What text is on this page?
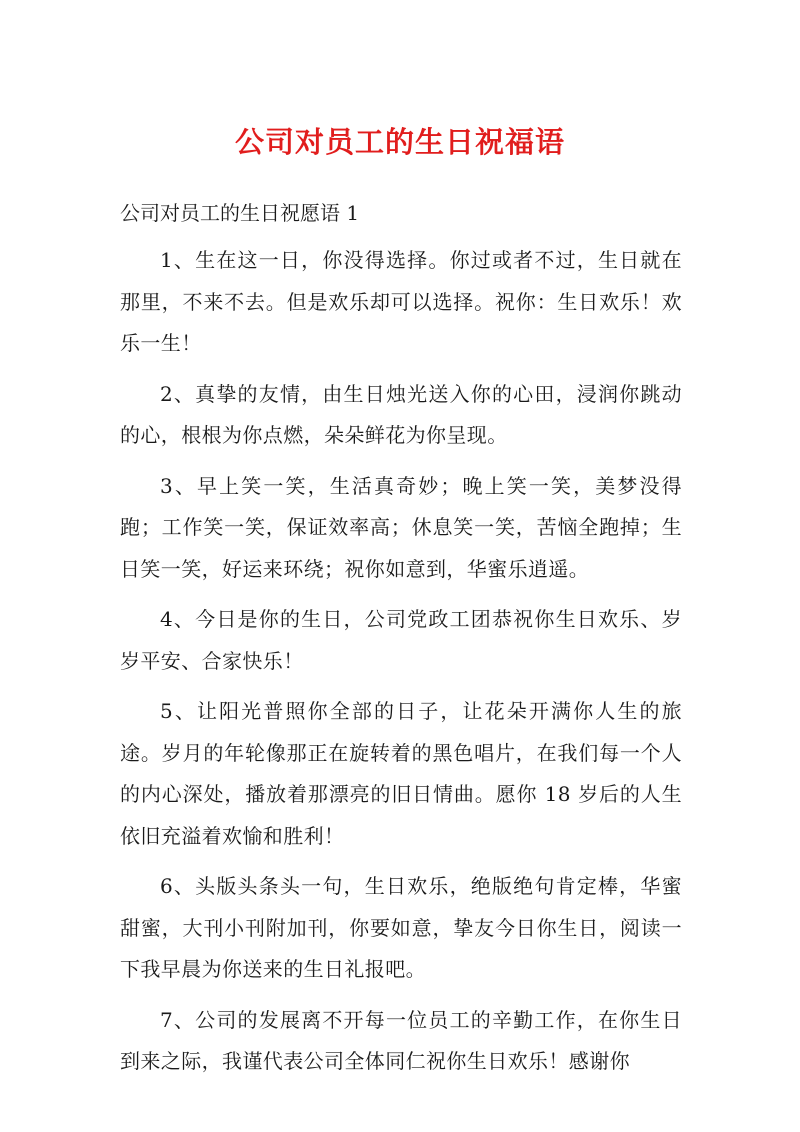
公司对员工的生日祝福语

公司对员工的生日祝愿语 1

1、生在这一日，你没得选择。你过或者不过，生日就在那里，不来不去。但是欢乐却可以选择。祝你：生日欢乐！欢乐一生！

2、真挚的友情，由生日烛光送入你的心田，浸润你跳动的心，根根为你点燃，朵朵鲜花为你呈现。

3、早上笑一笑，生活真奇妙；晚上笑一笑，美梦没得跑；工作笑一笑，保证效率高；休息笑一笑，苦恼全跑掉；生日笑一笑，好运来环绕；祝你如意到，华蜜乐逍遥。

4、今日是你的生日，公司党政工团恭祝你生日欢乐、岁岁平安、合家快乐！

5、让阳光普照你全部的日子，让花朵开满你人生的旅途。岁月的年轮像那正在旋转着的黑色唱片，在我们每一个人的内心深处，播放着那漂亮的旧日情曲。愿你 18 岁后的人生依旧充溢着欢愉和胜利！

6、头版头条头一句，生日欢乐，绝版绝句肯定棒，华蜜甜蜜，大刊小刊附加刊，你要如意，挚友今日你生日，阅读一下我早晨为你送来的生日礼报吧。

7、公司的发展离不开每一位员工的辛勤工作，在你生日到来之际，我谨代表公司全体同仁祝你生日欢乐！感谢你
